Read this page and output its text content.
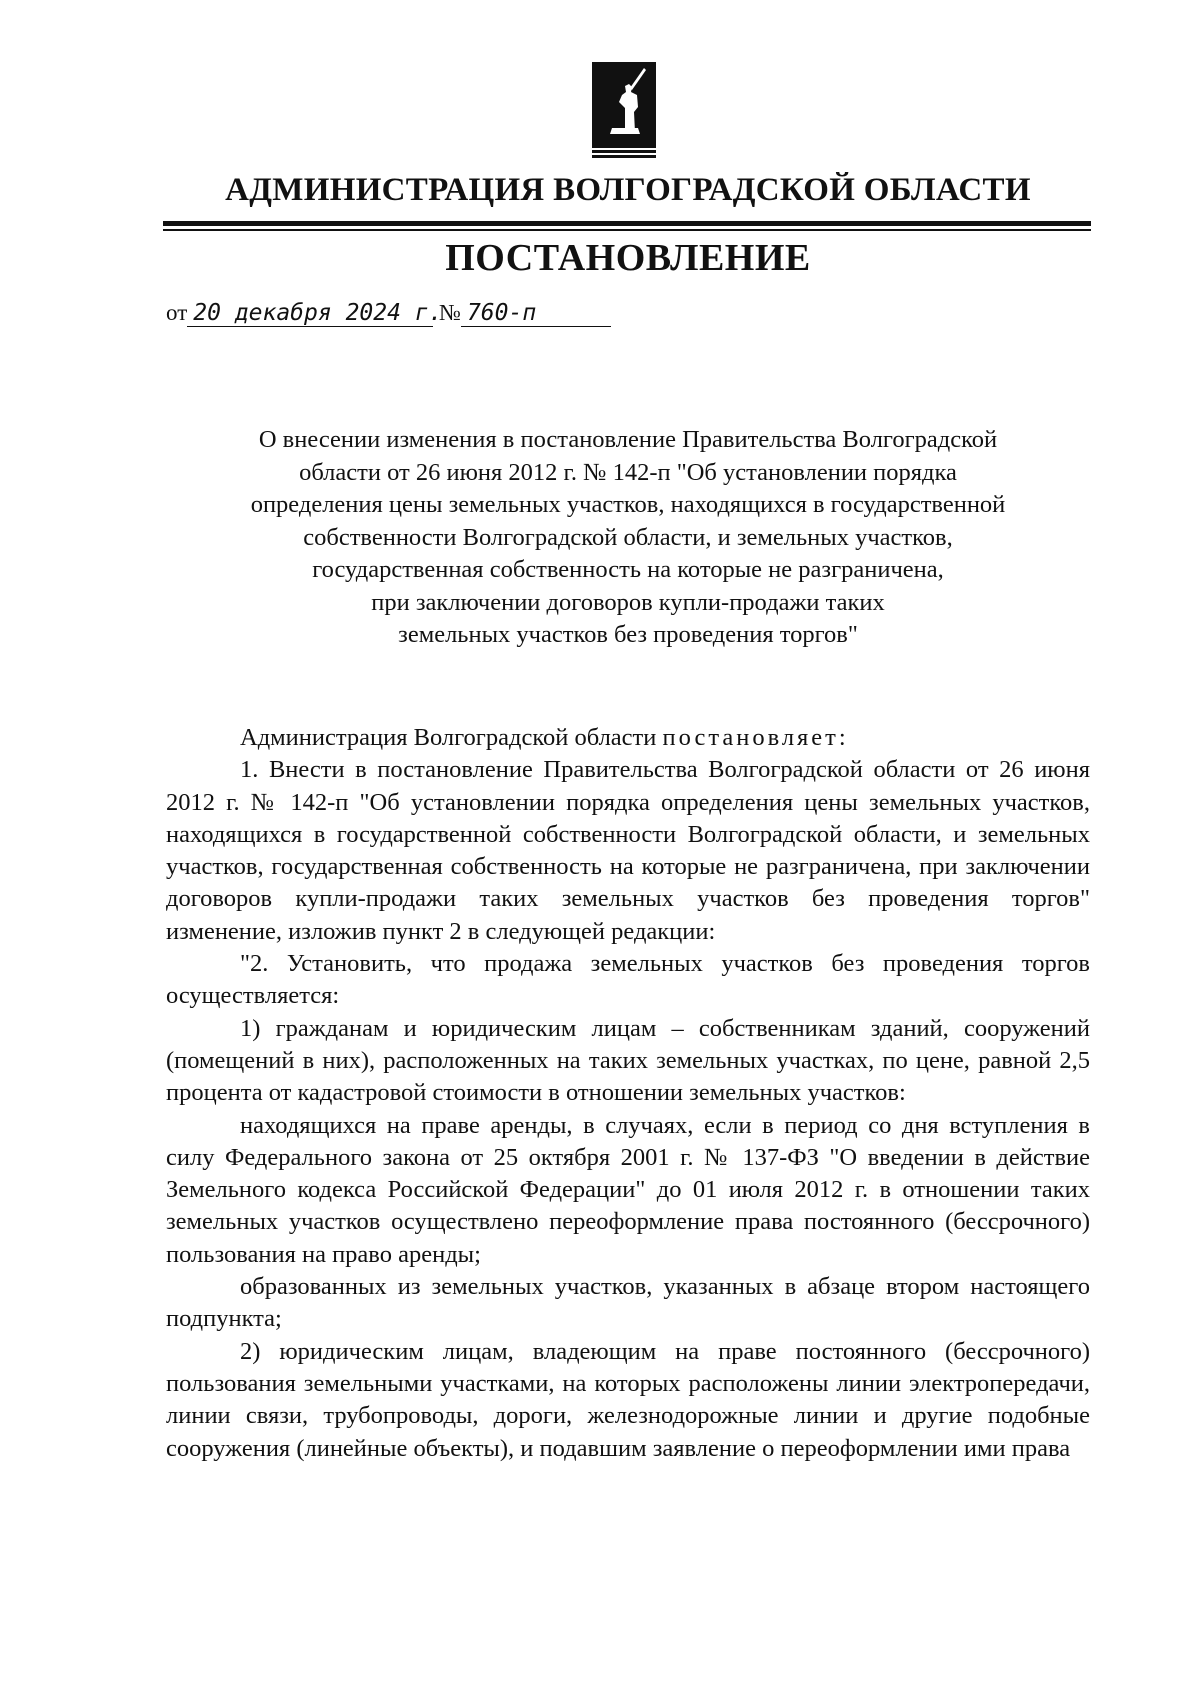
АДМИНИСТРАЦИЯ ВОЛГОГРАДСКОЙ ОБЛАСТИ
ПОСТАНОВЛЕНИЕ
от 20 декабря 2024 г. № 760-п
О внесении изменения в постановление Правительства Волгоградской
области от 26 июня 2012 г. № 142-п "Об установлении порядка
определения цены земельных участков, находящихся в государственной
собственности Волгоградской области, и земельных участков,
государственная собственность на которые не разграничена,
при заключении договоров купли-продажи таких
земельных участков без проведения торгов"

Администрация Волгоградской области постановляет:

1. Внести в постановление Правительства Волгоградской области от 26 июня 2012 г. № 142-п "Об установлении порядка определения цены земельных участков, находящихся в государственной собственности Волгоградской области, и земельных участков, государственная собственность на которые не разграничена, при заключении договоров купли-продажи таких земельных участков без проведения торгов" изменение, изложив пункт 2 в следующей редакции:

"2. Установить, что продажа земельных участков без проведения торгов осуществляется:

1) гражданам и юридическим лицам – собственникам зданий, сооружений (помещений в них), расположенных на таких земельных участках, по цене, равной 2,5 процента от кадастровой стоимости в отношении земельных участков:

находящихся на праве аренды, в случаях, если в период со дня вступления в силу Федерального закона от 25 октября 2001 г. № 137-ФЗ "О введении в действие Земельного кодекса Российской Федерации" до 01 июля 2012 г. в отношении таких земельных участков осуществлено переоформление права постоянного (бессрочного) пользования на право аренды;

образованных из земельных участков, указанных в абзаце втором настоящего подпункта;

2) юридическим лицам, владеющим на праве постоянного (бессрочного) пользования земельными участками, на которых расположены линии электропередачи, линии связи, трубопроводы, дороги, железнодорожные линии и другие подобные сооружения (линейные объекты), и подавшим заявление о переоформлении ими права
